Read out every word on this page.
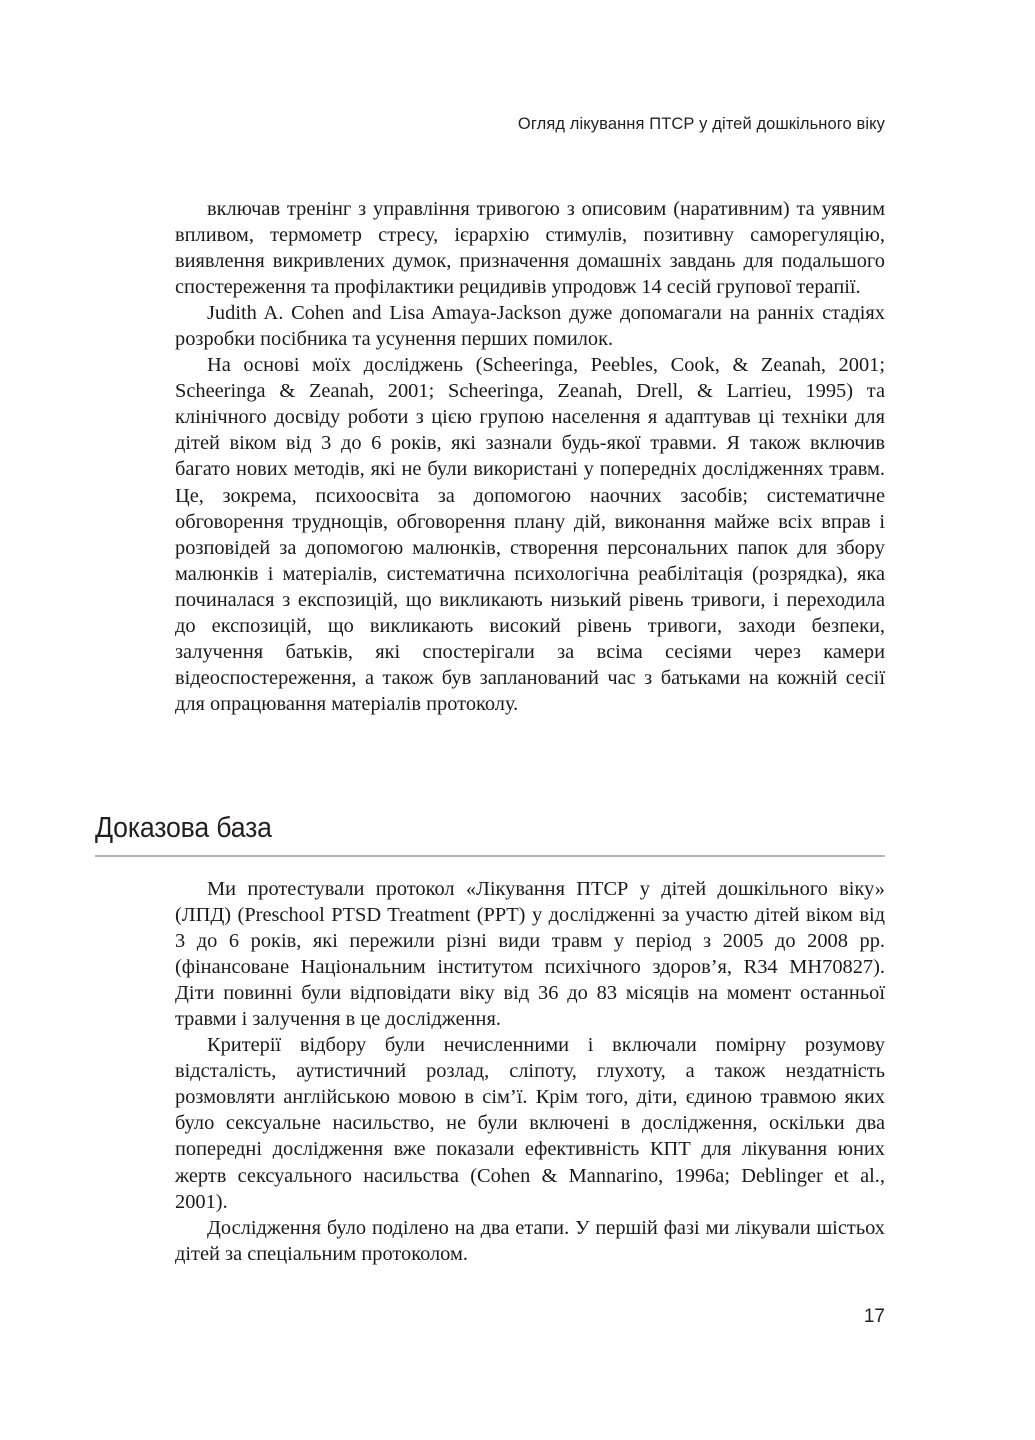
Огляд лікування ПТСР у дітей дошкільного віку

включав тренінг з управління тривогою з описовим (наративним) та уявним впливом, термометр стресу, ієрархію стимулів, позитивну саморегуляцію, виявлення викривлених думок, призначення домашніх завдань для подальшого спостереження та профілактики рецидивів упродовж 14 сесій групової терапії.

Judith A. Cohen and Lisa Amaya-Jackson дуже допомагали на ранніх стадіях розробки посібника та усунення перших помилок.

На основі моїх досліджень (Scheeringa, Peebles, Cook, & Zeanah, 2001; Scheeringa & Zeanah, 2001; Scheeringa, Zeanah, Drell, & Larrieu, 1995) та клінічного досвіду роботи з цією групою населення я адаптував ці техніки для дітей віком від 3 до 6 років, які зазнали будь-якої травми. Я також включив багато нових методів, які не були використані у попередніх дослідженнях травм. Це, зокрема, психоосвіта за допомогою наочних засобів; систематичне обговорення труднощів, обговорення плану дій, виконання майже всіх вправ і розповідей за допомогою малюнків, створення персональних папок для збору малюнків і матеріалів, систематична психологічна реабілітація (розрядка), яка починалася з експозицій, що викликають низький рівень тривоги, і переходила до експозицій, що викликають високий рівень тривоги, заходи безпеки, залучення батьків, які спостерігали за всіма сесіями через камери відеоспостереження, а також був запланований час з батьками на кожній сесії для опрацювання матеріалів протоколу.

Доказова база

Ми протестували протокол «Лікування ПТСР у дітей дошкільного віку» (ЛПД) (Preschool PTSD Treatment (PPT) у дослідженні за участю дітей віком від 3 до 6 років, які пережили різні види травм у період з 2005 до 2008 рр. (фінансоване Національним інститутом психічного здоров’я, R34 MH70827). Діти повинні були відповідати віку від 36 до 83 місяців на момент останньої травми і залучення в це дослідження.

Критерії відбору були нечисленними і включали помірну розумову відсталість, аутистичний розлад, сліпоту, глухоту, а також нездатність розмовляти англійською мовою в сім’ї. Крім того, діти, єдиною травмою яких було сексуальне насильство, не були включені в дослідження, оскільки два попередні дослідження вже показали ефективність КПТ для лікування юних жертв сексуального насильства (Cohen & Mannarino, 1996a; Deblinger et al., 2001).

Дослідження було поділено на два етапи. У першій фазі ми лікували шістьох дітей за спеціальним протоколом.

17
